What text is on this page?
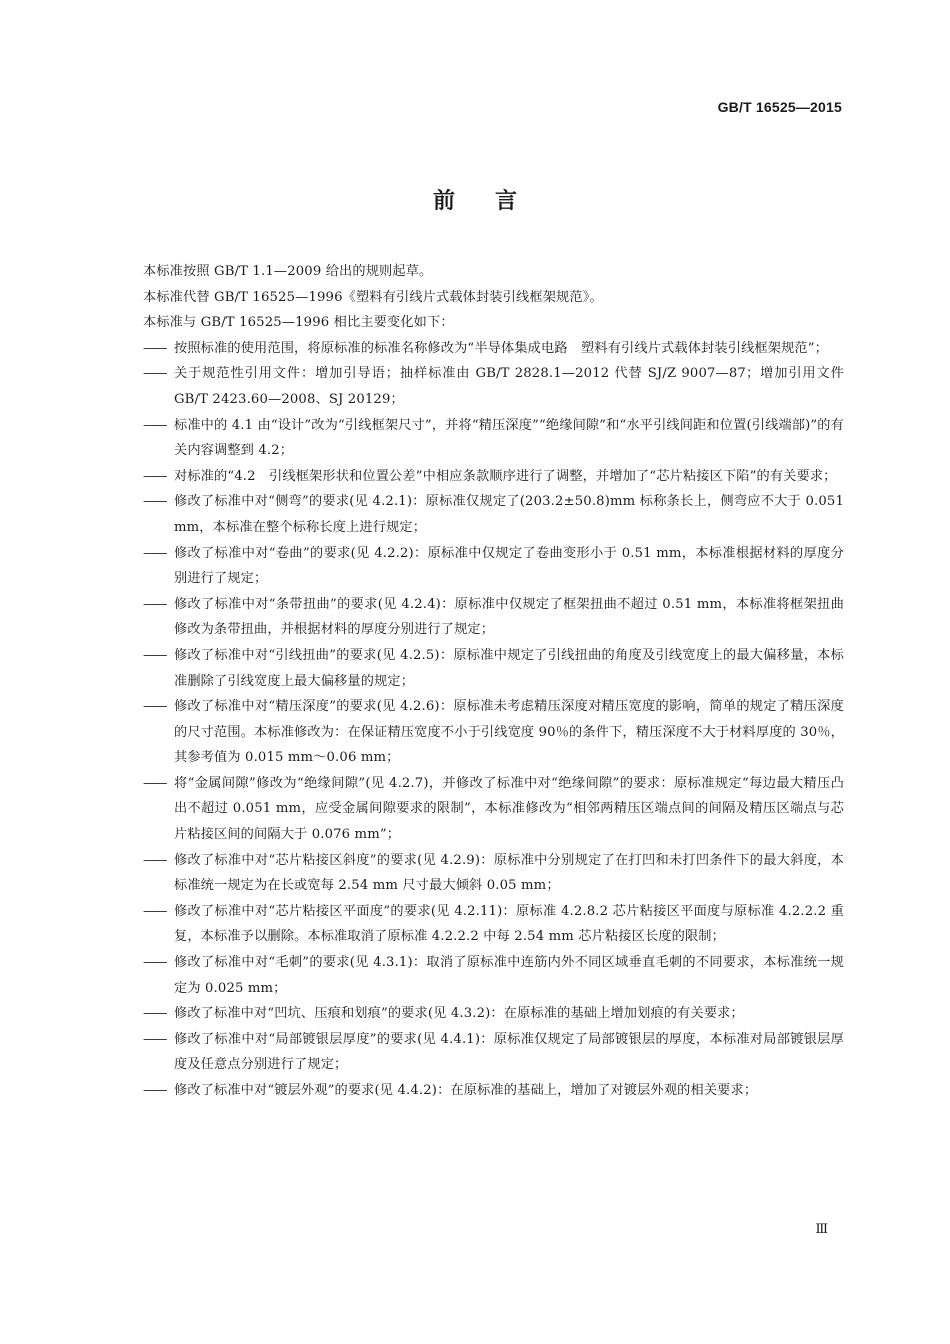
GB/T 16525—2015
前 言

本标准按照 GB/T 1.1—2009 给出的规则起草。

本标准代替 GB/T 16525—1996《塑料有引线片式载体封装引线框架规范》。

本标准与 GB/T 16525—1996 相比主要变化如下：

—— 按照标准的使用范围，将原标准的标准名称修改为“半导体集成电路　塑料有引线片式载体封装引线框架规范”；
—— 关于规范性引用文件：增加引导语；抽样标准由 GB/T 2828.1—2012 代替 SJ/Z 9007—87；增加引用文件 GB/T 2423.60—2008、SJ 20129；
—— 标准中的 4.1 由“设计”改为“引线框架尺寸”，并将“精压深度”“绝缘间隙”和“水平引线间距和位置(引线端部)”的有关内容调整到 4.2；
—— 对标准的“4.2　引线框架形状和位置公差”中相应条款顺序进行了调整，并增加了“芯片粘接区下陷”的有关要求；
—— 修改了标准中对“侧弯”的要求(见 4.2.1)：原标准仅规定了(203.2±50.8)mm 标称条长上，侧弯应不大于 0.051 mm，本标准在整个标称长度上进行规定；
—— 修改了标准中对“卷曲”的要求(见 4.2.2)：原标准中仅规定了卷曲变形小于 0.51 mm，本标准根据材料的厚度分别进行了规定；
—— 修改了标准中对“条带扭曲”的要求(见 4.2.4)：原标准中仅规定了框架扭曲不超过 0.51 mm，本标准将框架扭曲修改为条带扭曲，并根据材料的厚度分别进行了规定；
—— 修改了标准中对“引线扭曲”的要求(见 4.2.5)：原标准中规定了引线扭曲的角度及引线宽度上的最大偏移量，本标准删除了引线宽度上最大偏移量的规定；
—— 修改了标准中对“精压深度”的要求(见 4.2.6)：原标准未考虑精压深度对精压宽度的影响，简单的规定了精压深度的尺寸范围。本标准修改为：在保证精压宽度不小于引线宽度 90％的条件下，精压深度不大于材料厚度的 30％，其参考值为 0.015 mm～0.06 mm；
—— 将“金属间隙”修改为“绝缘间隙”(见 4.2.7)，并修改了标准中对“绝缘间隙”的要求：原标准规定“每边最大精压凸出不超过 0.051 mm，应受金属间隙要求的限制”，本标准修改为“相邻两精压区端点间的间隔及精压区端点与芯片粘接区间的间隔大于 0.076 mm”；
—— 修改了标准中对“芯片粘接区斜度”的要求(见 4.2.9)：原标准中分别规定了在打凹和未打凹条件下的最大斜度，本标准统一规定为在长或宽每 2.54 mm 尺寸最大倾斜 0.05 mm；
—— 修改了标准中对“芯片粘接区平面度”的要求(见 4.2.11)：原标准 4.2.8.2 芯片粘接区平面度与原标准 4.2.2.2 重复，本标准予以删除。本标准取消了原标准 4.2.2.2 中每 2.54 mm 芯片粘接区长度的限制；
—— 修改了标准中对“毛刺”的要求(见 4.3.1)：取消了原标准中连筋内外不同区域垂直毛刺的不同要求，本标准统一规定为 0.025 mm；
—— 修改了标准中对“凹坑、压痕和划痕”的要求(见 4.3.2)：在原标准的基础上增加划痕的有关要求；
—— 修改了标准中对“局部镀银层厚度”的要求(见 4.4.1)：原标准仅规定了局部镀银层的厚度，本标准对局部镀银层厚度及任意点分别进行了规定；
—— 修改了标准中对“镀层外观”的要求(见 4.4.2)：在原标准的基础上，增加了对镀层外观的相关要求；
Ⅲ
